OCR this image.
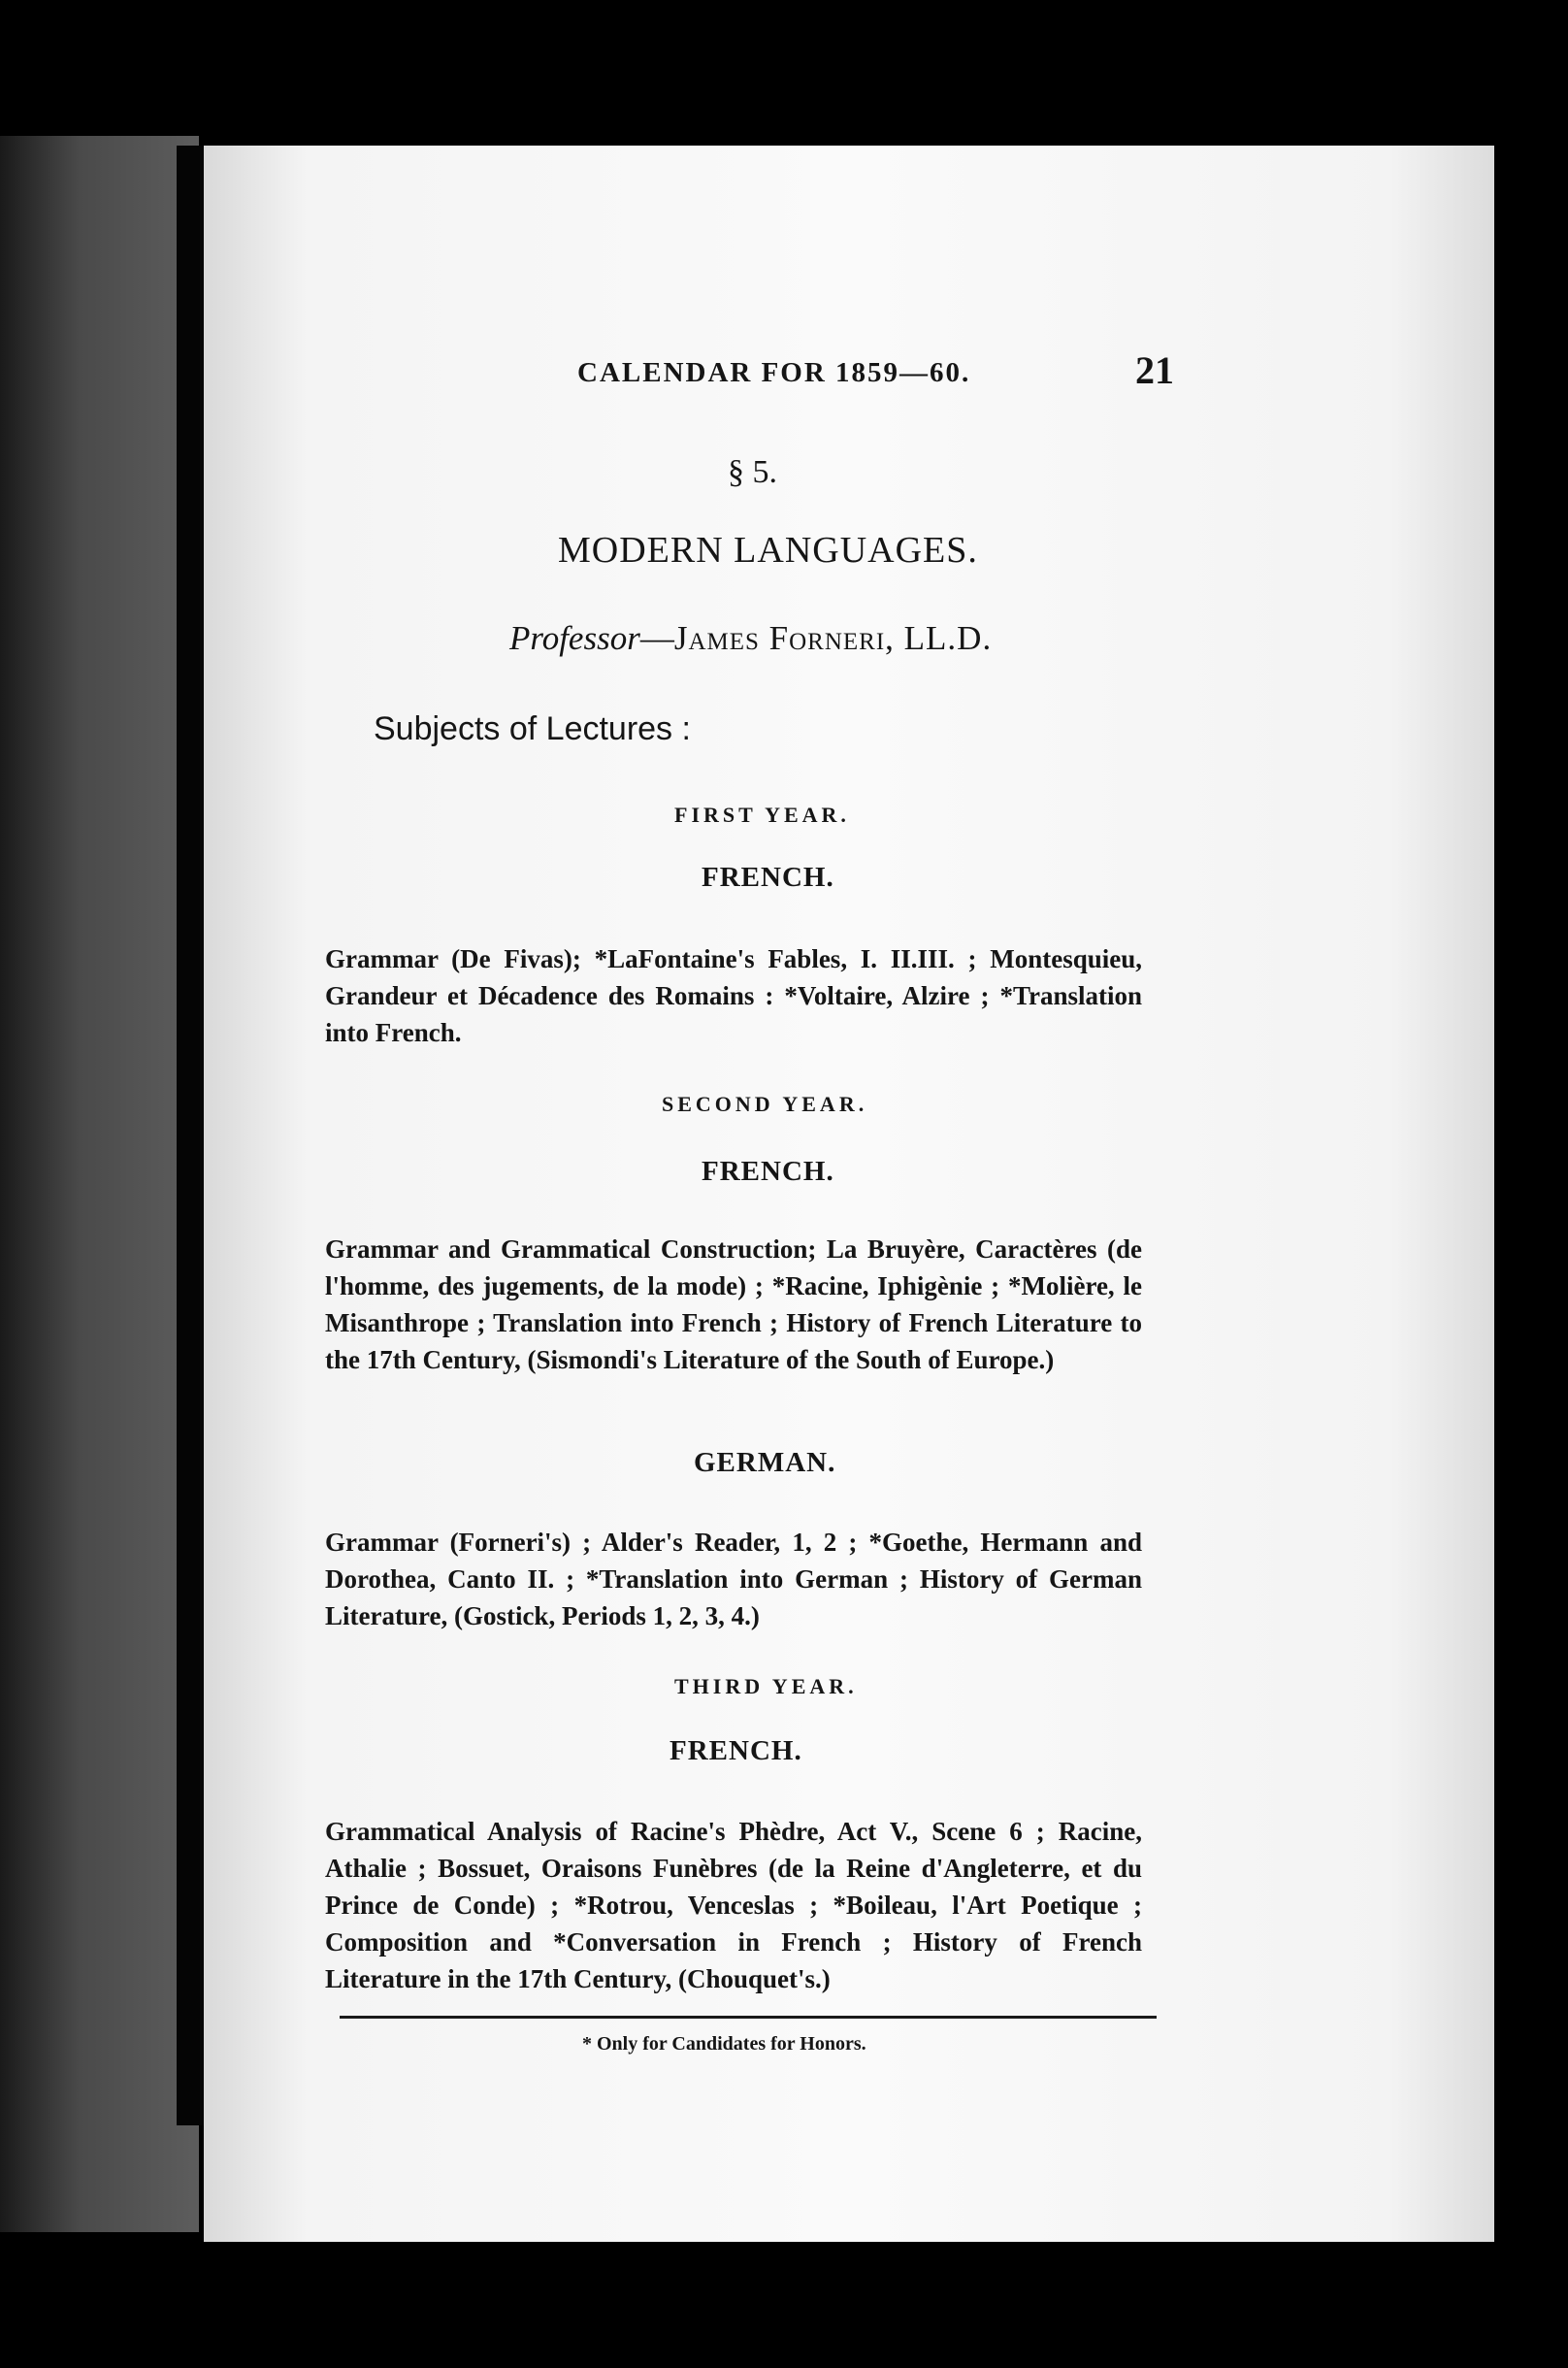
CALENDAR FOR 1859—60.	21
§ 5.
MODERN LANGUAGES.
Professor—James Forneri, LL.D.
Subjects of Lectures :
FIRST YEAR.
FRENCH.
Grammar (De Fivas); *LaFontaine's Fables, I. II.III. ; Montesquieu, Grandeur et Décadence des Romains : *Voltaire, Alzire ; *Translation into French.
SECOND YEAR.
FRENCH.
Grammar and Grammatical Construction; La Bruyère, Caractères (de l'homme, des jugements, de la mode) ; *Racine, Iphigènie ; *Molière, le Misanthrope ; Translation into French ; History of French Literature to the 17th Century, (Sismondi's Literature of the South of Europe.)
GERMAN.
Grammar (Forneri's) ; Alder's Reader, 1, 2 ; *Goethe, Hermann and Dorothea, Canto II. ; *Translation into German ; History of German Literature, (Gostick, Periods 1, 2, 3, 4.)
THIRD YEAR.
FRENCH.
Grammatical Analysis of Racine's Phèdre, Act V., Scene 6 ; Racine, Athalie ; Bossuet, Oraisons Funèbres (de la Reine d'Angleterre, et du Prince de Conde) ; *Rotrou, Venceslas ; *Boileau, l'Art Poetique ; Composition and *Conversation in French ; History of French Literature in the 17th Century, (Chouquet's.)
* Only for Candidates for Honors.
